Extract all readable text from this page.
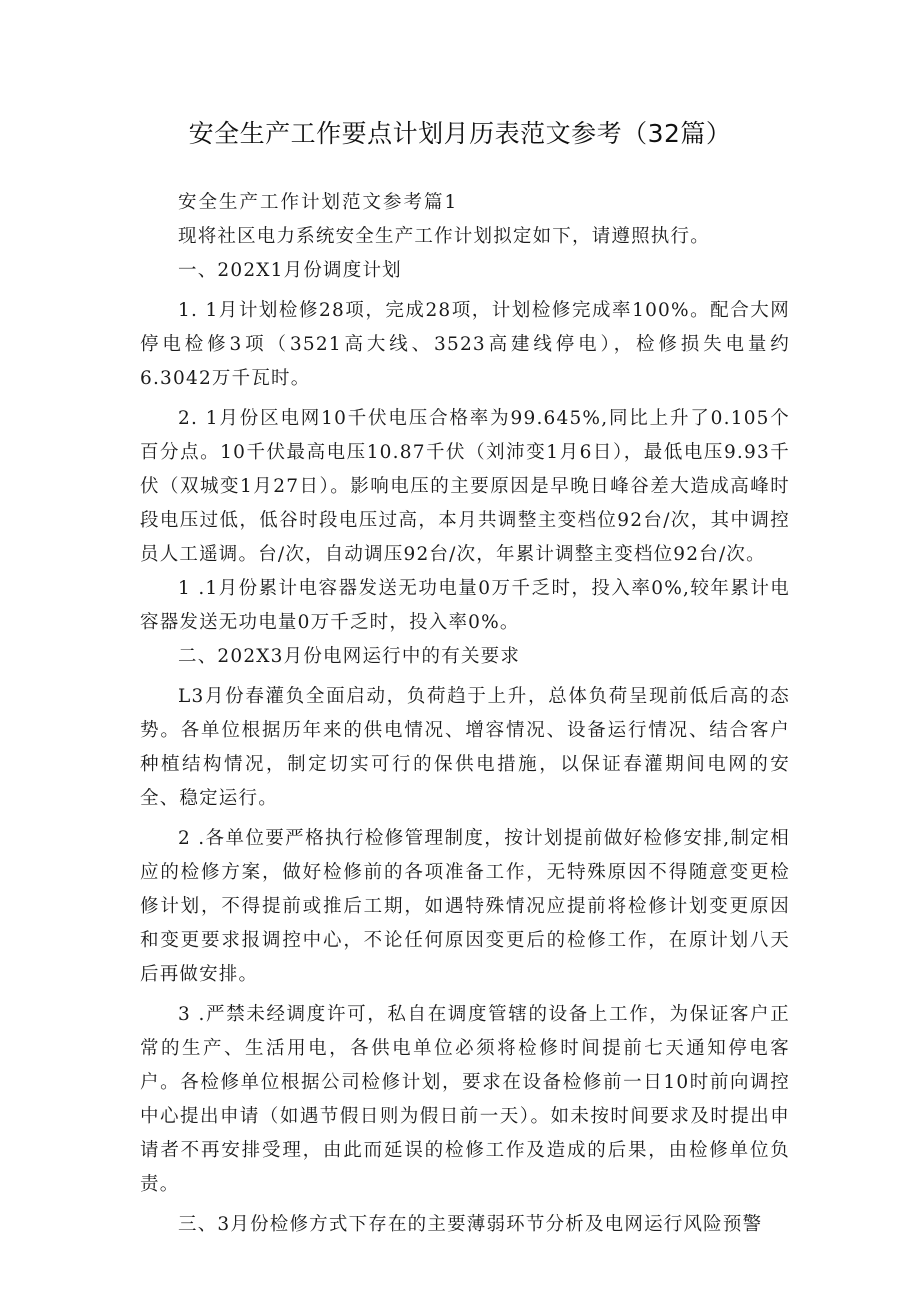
安全生产工作要点计划月历表范文参考（32篇）

安全生产工作计划范文参考篇1

现将社区电力系统安全生产工作计划拟定如下，请遵照执行。

一、202X1月份调度计划

1. 1月计划检修28项，完成28项，计划检修完成率100%。配合大网停电检修3项（3521高大线、3523高建线停电），检修损失电量约6.3042万千瓦时。

2. 1月份区电网10千伏电压合格率为99.645%,同比上升了0.105个百分点。10千伏最高电压10.87千伏（刘沛变1月6日），最低电压9.93千伏（双城变1月27日）。影响电压的主要原因是早晚日峰谷差大造成高峰时段电压过低，低谷时段电压过高，本月共调整主变档位92台/次，其中调控员人工遥调。台/次，自动调压92台/次，年累计调整主变档位92台/次。

1 .1月份累计电容器发送无功电量0万千乏时，投入率0%,较年累计电容器发送无功电量0万千乏时，投入率0%。

二、202X3月份电网运行中的有关要求

L3月份春灌负全面启动，负荷趋于上升，总体负荷呈现前低后高的态势。各单位根据历年来的供电情况、增容情况、设备运行情况、结合客户种植结构情况，制定切实可行的保供电措施，以保证春灌期间电网的安全、稳定运行。

2 .各单位要严格执行检修管理制度，按计划提前做好检修安排,制定相应的检修方案，做好检修前的各项准备工作，无特殊原因不得随意变更检修计划，不得提前或推后工期，如遇特殊情况应提前将检修计划变更原因和变更要求报调控中心，不论任何原因变更后的检修工作，在原计划八天后再做安排。

3 .严禁未经调度许可，私自在调度管辖的设备上工作，为保证客户正常的生产、生活用电，各供电单位必须将检修时间提前七天通知停电客户。各检修单位根据公司检修计划，要求在设备检修前一日10时前向调控中心提出申请（如遇节假日则为假日前一天）。如未按时间要求及时提出申请者不再安排受理，由此而延误的检修工作及造成的后果，由检修单位负责。

三、3月份检修方式下存在的主要薄弱环节分析及电网运行风险预警
